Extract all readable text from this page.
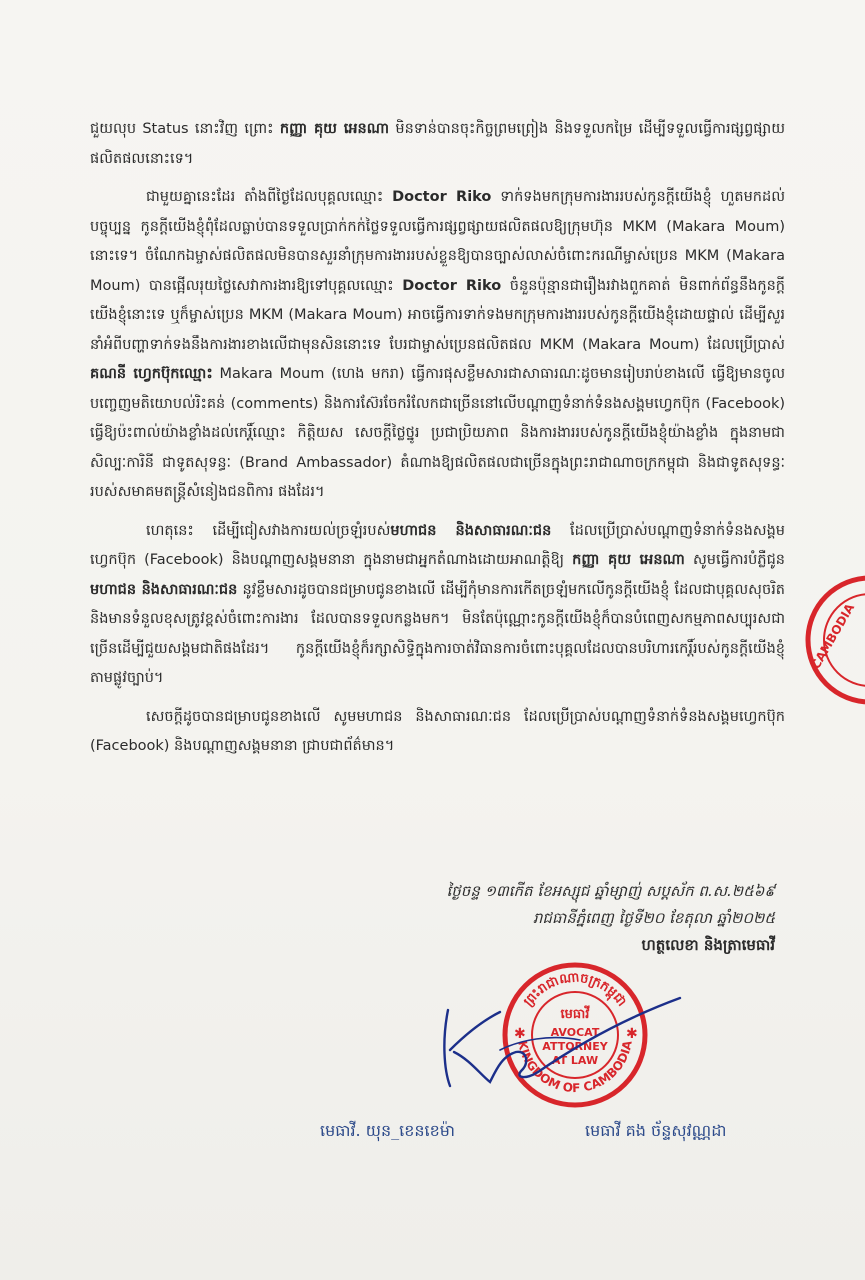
ជួយលុប Status នោះវិញ ព្រោះ កញ្ញា គុយ អេនណា មិនទាន់បានចុះកិច្ចព្រមព្រៀង និងទទួលកម្រៃ ដើម្បីទទួលធ្វើការផ្សព្វផ្សាយផលិតផលនោះទេ។

ជាមួយគ្នានេះដែរ តាំងពីថ្ងៃដែលបុគ្គលឈ្មោះ Doctor Riko ទាក់ទងមកក្រុមការងាររបស់កូនក្តីយើងខ្ញុំ ហួតមកដល់បច្ចុប្បន្ន កូនក្តីយើងខ្ញុំពុំដែលធ្លាប់បានទទួលប្រាក់កក់ថ្លៃទទួលធ្វើការផ្សព្វផ្សាយផលិតផលឱ្យក្រុមហ៊ុន MKM (Makara Moum) នោះទេ។ ចំណែកឯម្ចាស់ផលិតផលមិនបានសួរនាំក្រុមការងាររបស់ខ្លួនឱ្យបានច្បាស់លាស់ចំពោះករណីម្ចាស់ប្រេន MKM (Makara Moum) បានផ្អើលរុយថ្លៃសេវាការងារឱ្យទៅបុគ្គលឈ្មោះ Doctor Riko ចំនួនប៉ុន្មានជារឿងរវាងពួកគាត់ មិនពាក់ព័ន្ធនឹងកូនក្តីយើងខ្ញុំនោះទេ ឬក៏ម្ចាស់ប្រេន MKM (Makara Moum) អាចធ្វើការទាក់ទងមកក្រុមការងាររបស់កូនក្តីយើងខ្ញុំដោយផ្ទាល់ ដើម្បីសួរនាំអំពីបញ្ហាទាក់ទងនឹងការងារខាងលើជាមុនសិននោះទេ បែរជាម្ចាស់ប្រេនផលិតផល MKM (Makara Moum) ដែលប្រើប្រាស់ គណនី ហ្វេកប៊ុកឈ្មោះ Makara Moum (ហេង មករា) ធ្វើការផុសខ្លឹមសារជាសាធារណៈដូចមានរៀបរាប់ខាងលើ ធ្វើឱ្យមានចូលបញ្ចេញមតិយោបល់រិះគន់ (comments) និងការស៊ែរចែករំលែកជាច្រើននៅលើបណ្តាញទំនាក់ទំនងសង្គមហ្វេកប៊ុក (Facebook) ធ្វើឱ្យប៉ះពាល់យ៉ាងខ្លាំងដល់កេរ្តិ៍ឈ្មោះ កិត្តិយស សេចក្តីថ្លៃថ្នូរ ប្រជាប្រិយភាព និងការងាររបស់កូនក្តីយើងខ្ញុំយ៉ាងខ្លាំង ក្នុងនាមជាសិល្បៈការិនី ជាទូតសុទន្ធៈ (Brand Ambassador) តំណាងឱ្យផលិតផលជាច្រើនក្នុងព្រះរាជាណាចក្រកម្ពុជា និងជាទូតសុទន្ធៈរបស់សមាគមតន្ត្រីសំនៀងជនពិការ ផងដែរ។

ហេតុនេះ ដើម្បីជៀសវាងការយល់ច្រឡំរបស់មហាជន និងសាធារណៈជន ដែលប្រើប្រាស់បណ្តាញទំនាក់ទំនងសង្គមហ្វេកប៊ុក (Facebook) និងបណ្តាញសង្គមនានា ក្នុងនាមជាអ្នកតំណាងដោយអាណត្តិឱ្យ កញ្ញា គុយ អេនណា សូមធ្វើការបំភ្លឺជូនមហាជន និងសាធារណៈជន នូវខ្លឹមសារដូចបានជម្រាបជូនខាងលើ ដើម្បីកុំមានការកើតច្រឡំមកលើកូនក្តីយើងខ្ញុំ ដែលជាបុគ្គលសុចរិត និងមានទំនួលខុសត្រូវខ្ពស់ចំពោះការងារ ដែលបានទទួលកន្លងមក។ មិនតែប៉ុណ្ណោះកូនក្តីយើងខ្ញុំក៏បានបំពេញសកម្មភាពសប្បុរសជាច្រើនដើម្បីជួយសង្គមជាតិផងដែរ។ កូនក្តីយើងខ្ញុំក៏រក្សាសិទ្ធិក្នុងការចាត់វិធានការចំពោះបុគ្គលដែលបានបរិហារកេរ្តិ៍របស់កូនក្តីយើងខ្ញុំ តាមផ្លូវច្បាប់។

សេចក្តីដូចបានជម្រាបជូនខាងលើ សូមមហាជន និងសាធារណៈជន ដែលប្រើប្រាស់បណ្តាញទំនាក់ទំនងសង្គមហ្វេកប៊ុក (Facebook) និងបណ្តាញសង្គមនានា ជ្រាបជាព័ត៌មាន។

CAMBODIA
ថ្ងៃចន្ទ ១៣កើត ខែអស្សុជ ឆ្នាំម្សាញ់ សប្តស័ក ព.ស.២៥៦៩
រាជធានីភ្នំពេញ ថ្ងៃទី២០ ខែតុលា ឆ្នាំ២០២៥
ហត្ថលេខា និងត្រាមេធាវី
ព្រះរាជាណាចក្រកម្ពុជា
KINGDOM OF CAMBODIA
មេធាវី
AVOCAT
ATTORNEY
AT LAW
✱	✱
មេធាវី. យុន_ខេនខេម៉ា	មេធាវី គង ច័ន្ទសុវណ្ណដា
